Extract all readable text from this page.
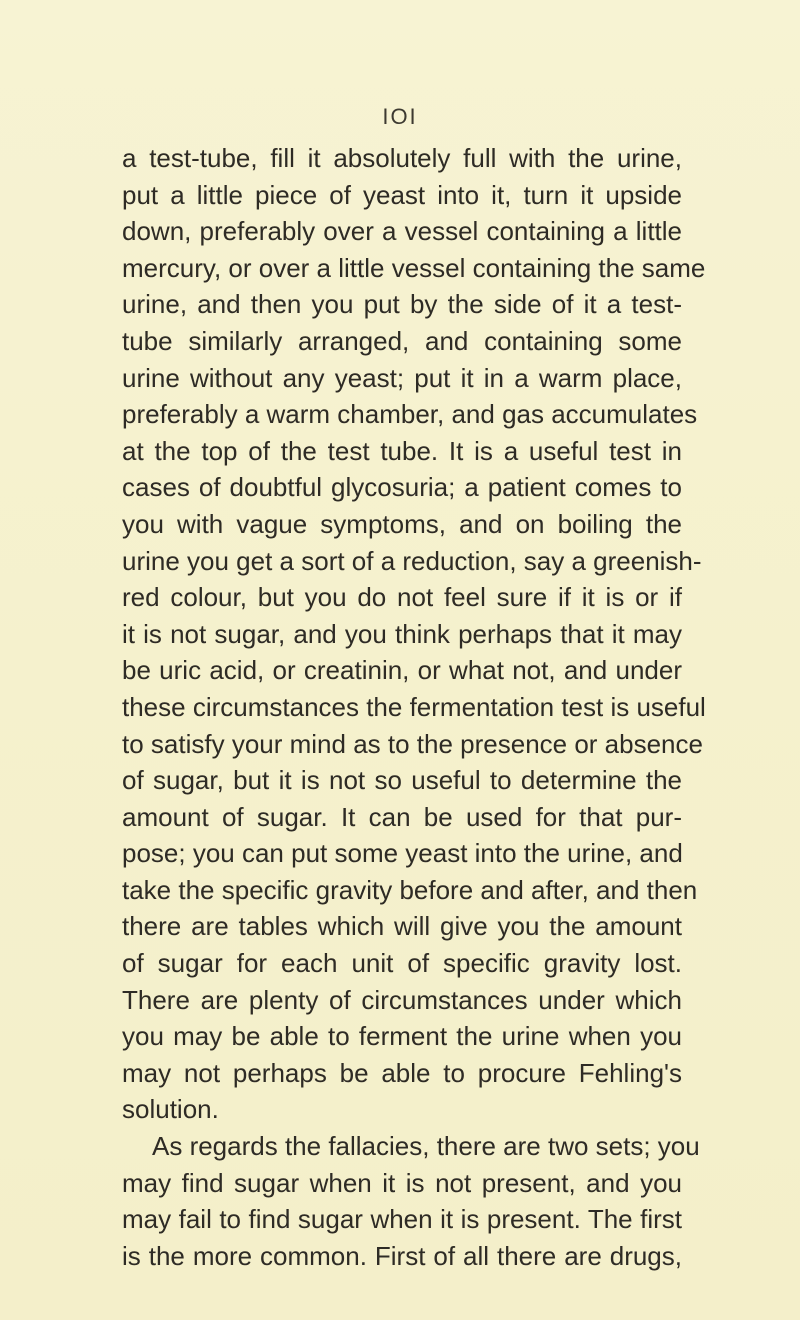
IOI
a test-tube, fill it absolutely full with the urine,
put a little piece of yeast into it, turn it upside
down, preferably over a vessel containing a little
mercury, or over a little vessel containing the same
urine, and then you put by the side of it a test-
tube similarly arranged, and containing some
urine without any yeast; put it in a warm place,
preferably a warm chamber, and gas accumulates
at the top of the test tube. It is a useful test in
cases of doubtful glycosuria; a patient comes to
you with vague symptoms, and on boiling the
urine you get a sort of a reduction, say a greenish-
red colour, but you do not feel sure if it is or if
it is not sugar, and you think perhaps that it may
be uric acid, or creatinin, or what not, and under
these circumstances the fermentation test is useful
to satisfy your mind as to the presence or absence
of sugar, but it is not so useful to determine the
amount of sugar. It can be used for that pur-
pose; you can put some yeast into the urine, and
take the specific gravity before and after, and then
there are tables which will give you the amount
of sugar for each unit of specific gravity lost.
There are plenty of circumstances under which
you may be able to ferment the urine when you
may not perhaps be able to procure Fehling's
solution.
As regards the fallacies, there are two sets; you
may find sugar when it is not present, and you
may fail to find sugar when it is present. The first
is the more common. First of all there are drugs,
